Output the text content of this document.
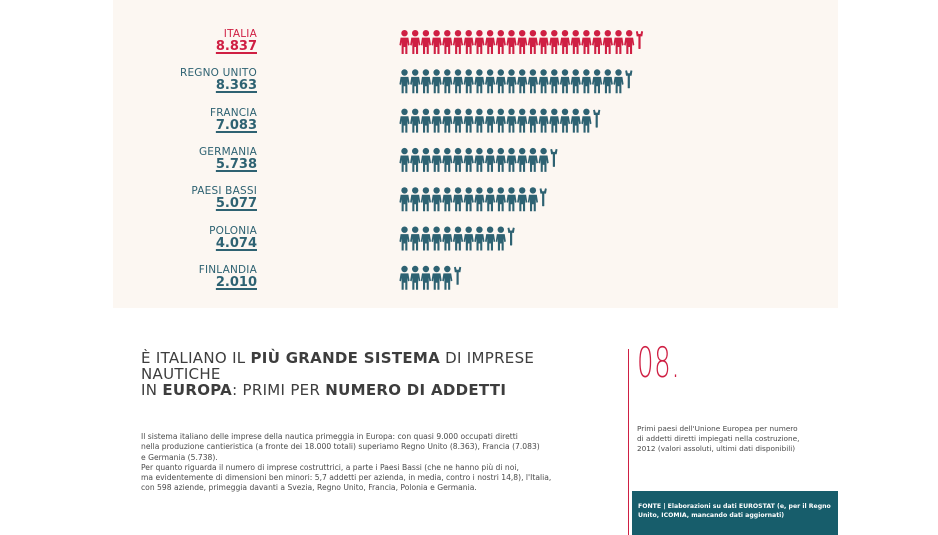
ITALIA
8.837
REGNO UNITO
8.363
FRANCIA
7.083
GERMANIA
5.738
PAESI BASSI
5.077
POLONIA
4.074
FINLANDIA
2.010
È ITALIANO IL PIÙ GRANDE SISTEMA DI IMPRESE NAUTICHE
IN EUROPA: PRIMI PER NUMERO DI ADDETTI

Il sistema italiano delle imprese della nautica primeggia in Europa: con quasi 9.000 occupati diretti

nella produzione cantieristica (a fronte dei 18.000 totali) superiamo Regno Unito (8.363), Francia (7.083)

e Germania (5.738).

Per quanto riguarda il numero di imprese costruttrici, a parte i Paesi Bassi (che ne hanno più di noi,

ma evidentemente di dimensioni ben minori: 5,7 addetti per azienda, in media, contro i nostri 14,8), l'Italia,

con 598 aziende, primeggia davanti a Svezia, Regno Unito, Francia, Polonia e Germania.

08.
Primi paesi dell'Unione Europea per numero
di addetti diretti impiegati nella costruzione,
2012 (valori assoluti, ultimi dati disponibili)
FONTE | Elaborazioni su dati EUROSTAT (e, per il Regno
Unito, ICOMIA, mancando dati aggiornati)
